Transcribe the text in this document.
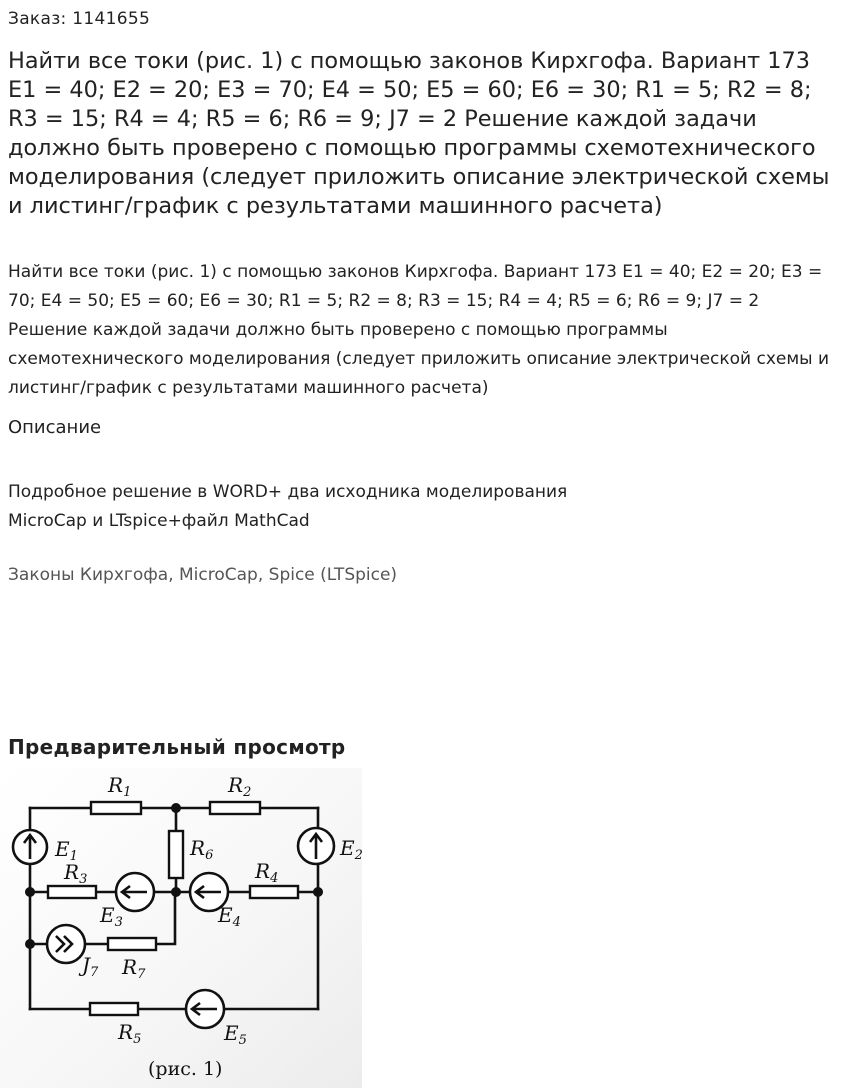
Заказ: 1141655
Найти все токи (рис. 1) с помощью законов Кирхгофа. Вариант 173 E1 = 40; E2 = 20; E3 = 70; E4 = 50; E5 = 60; E6 = 30; R1 = 5; R2 = 8; R3 = 15; R4 = 4; R5 = 6; R6 = 9; J7 = 2 Решение каждой задачи должно быть проверено с помощью программы схемотехнического моделирования (следует приложить описание электрической схемы и листинг/график с результатами машинного расчета)

Найти все токи (рис. 1) с помощью законов Кирхгофа. Вариант 173 E1 = 40; E2 = 20; E3 = 70; E4 = 50; E5 = 60; E6 = 30; R1 = 5; R2 = 8; R3 = 15; R4 = 4; R5 = 6; R6 = 9; J7 = 2 Решение каждой задачи должно быть проверено с помощью программы схемотехнического моделирования (следует приложить описание электрической схемы и листинг/график с результатами машинного расчета)

Описание
Подробное решение в WORD+ два исходника моделирования
MicroCap и LTspice+файл MathCad
Законы Кирхгофа, MicroCap, Spice (LTSpice)
Предварительный просмотр
$R_1$	$R_2$
$R_3$	$R_4$
$R_5$
$R_6$
$R_7$
$E_1$	$E_2$
$E_3$	$E_4$
$E_5$
$J_7$
(рис. 1)
